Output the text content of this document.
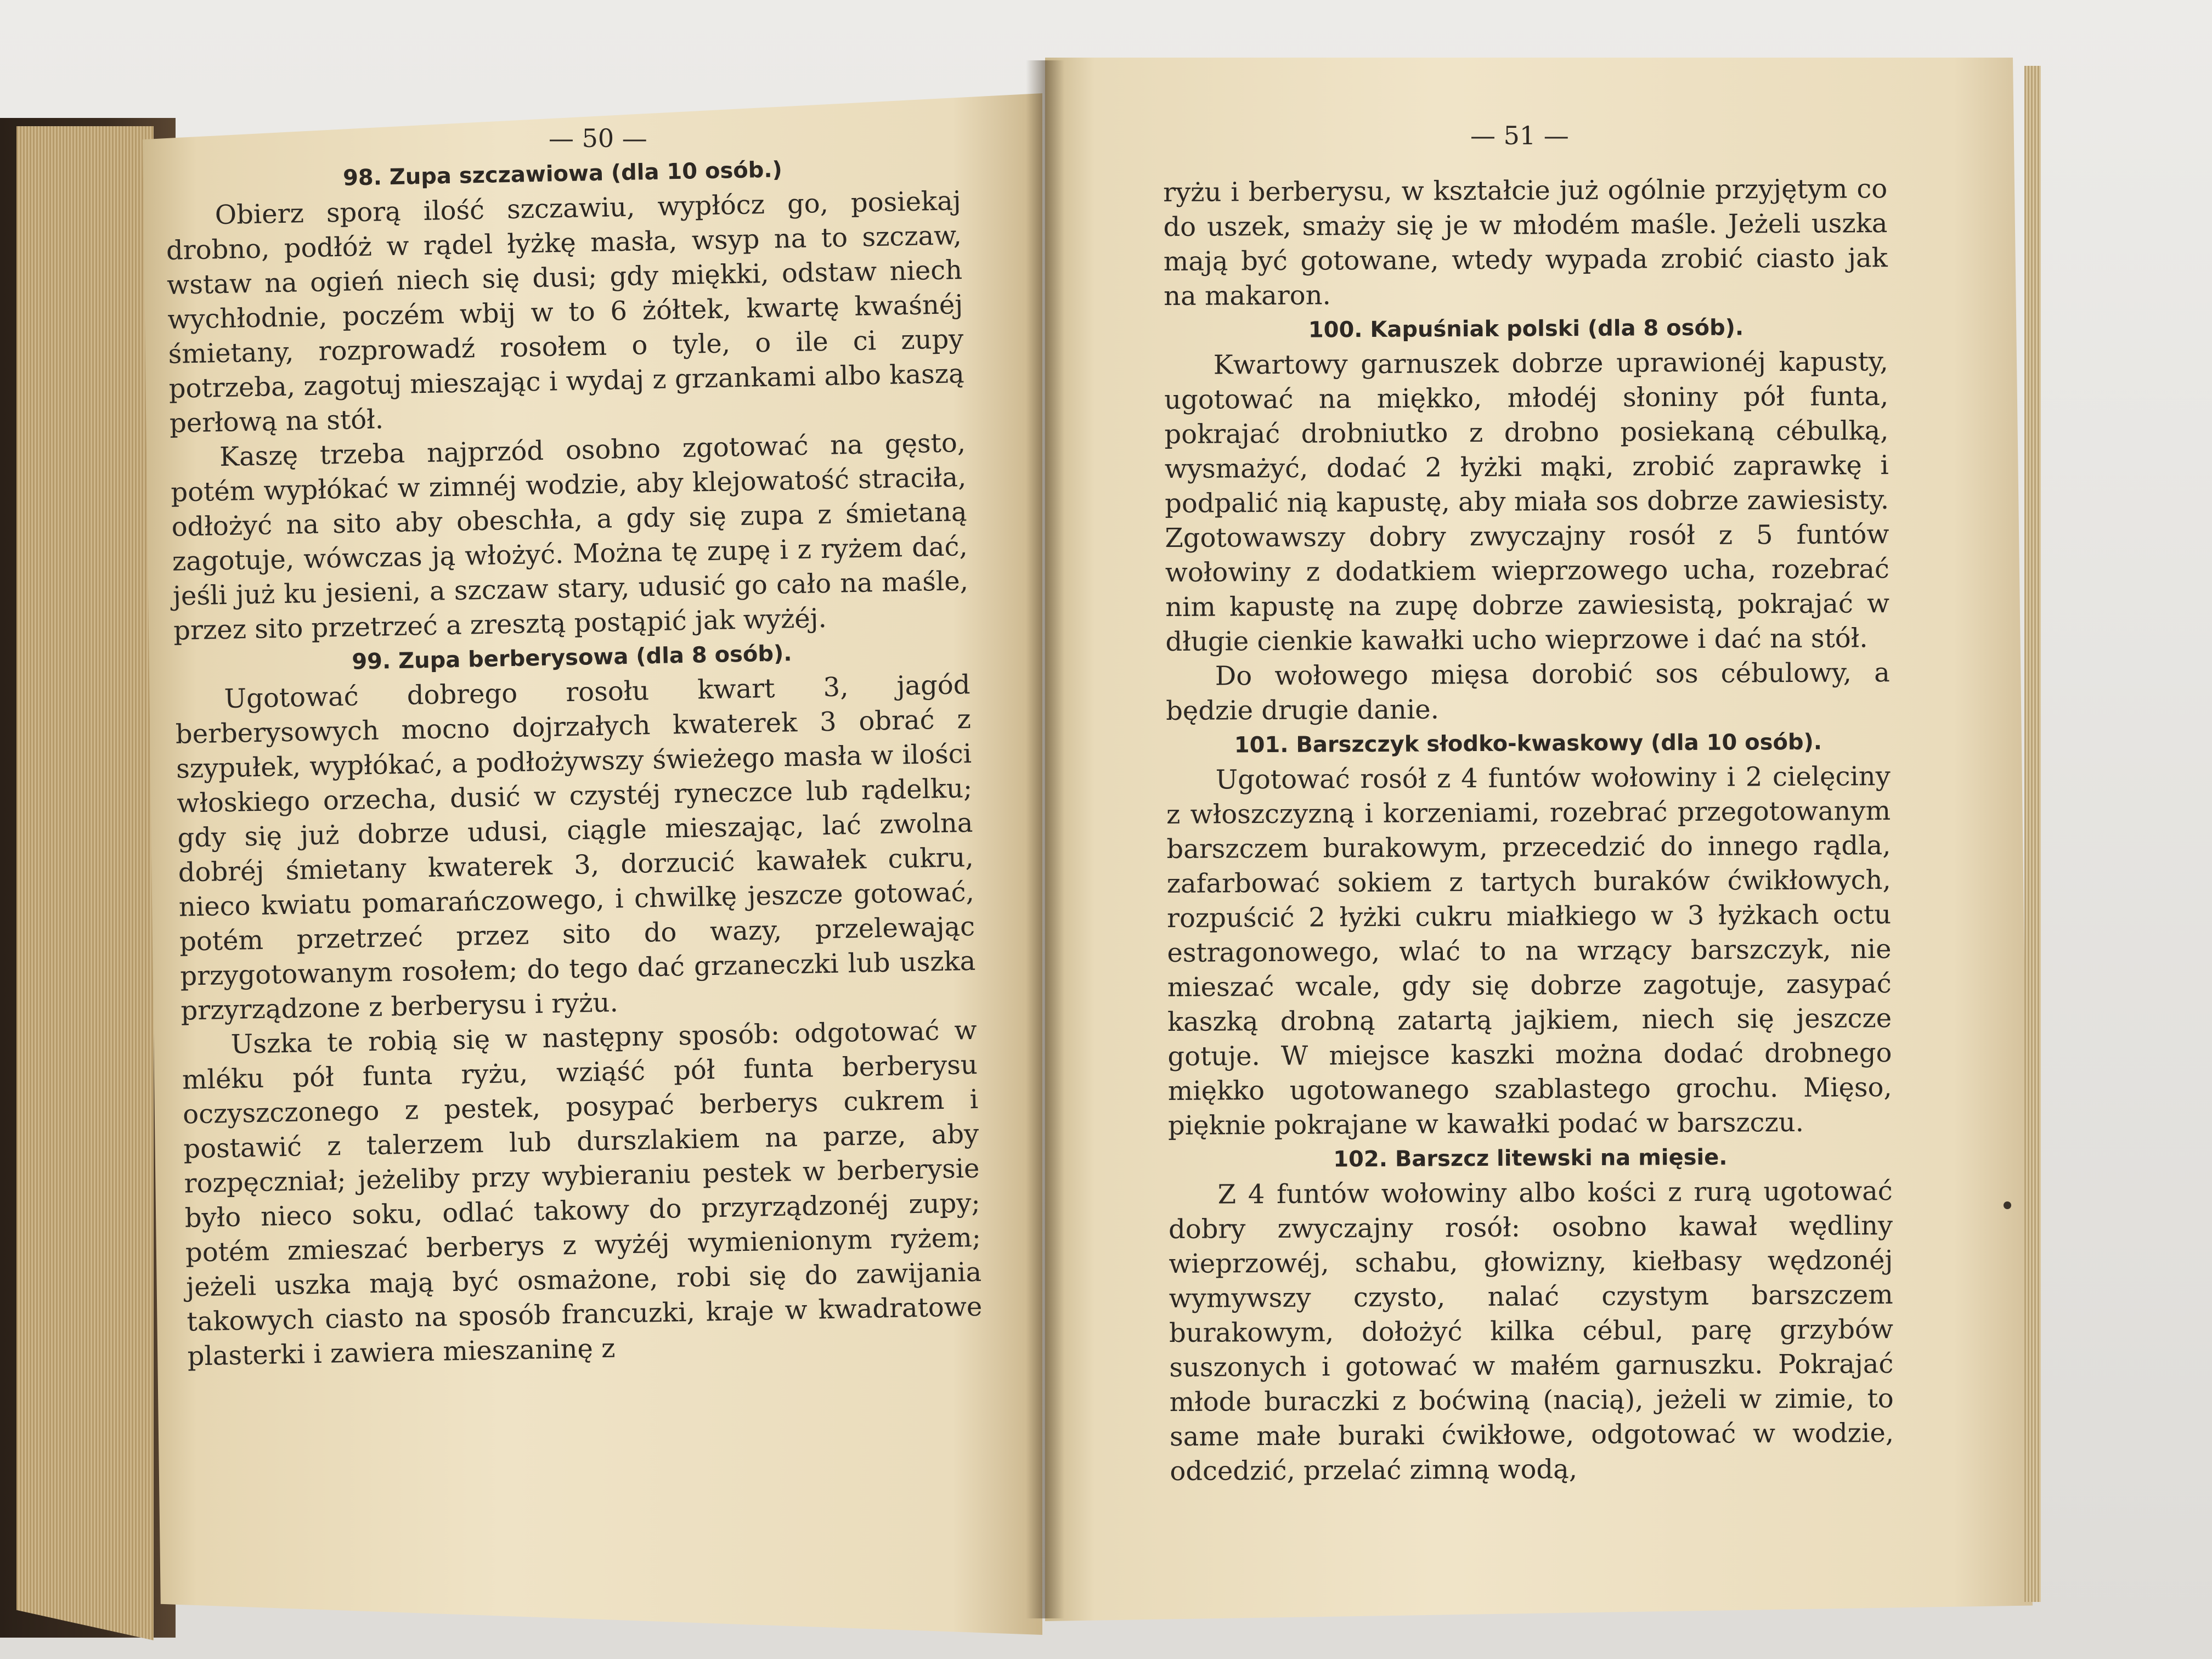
— 50 —	— 51 —
98. Zupa szczawiowa (dla 10 osób.)

Obierz sporą ilość szczawiu, wypłócz go, posiekaj drobno, podłóż w rądel łyżkę masła, wsyp na to szczaw, wstaw na ogień niech się dusi; gdy miękki, odstaw niech wychłodnie, poczém wbij w to 6 żółtek, kwartę kwaśnéj śmietany, rozprowadź rosołem o tyle, o ile ci zupy potrzeba, zagotuj mieszając i wydaj z grzankami albo kaszą perłową na stół.

Kaszę trzeba najprzód osobno zgotować na gęsto, potém wypłókać w zimnéj wodzie, aby klejowatość straciła, odłożyć na sito aby obeschła, a gdy się zupa z śmietaną zagotuje, wówczas ją włożyć. Można tę zupę i z ryżem dać, jeśli już ku jesieni, a szczaw stary, udusić go cało na maśle, przez sito przetrzeć a zresztą postąpić jak wyżéj.

99. Zupa berberysowa (dla 8 osób).

Ugotować dobrego rosołu kwart 3, jagód berberysowych mocno dojrzałych kwaterek 3 obrać z szypułek, wypłókać, a podłożywszy świeżego masła w ilości włoskiego orzecha, dusić w czystéj ryneczce lub rądelku; gdy się już dobrze udusi, ciągle mieszając, lać zwolna dobréj śmietany kwaterek 3, dorzucić kawałek cukru, nieco kwiatu pomarańczowego, i chwilkę jeszcze gotować, potém przetrzeć przez sito do wazy, przelewając przygotowanym rosołem; do tego dać grzaneczki lub uszka przyrządzone z berberysu i ryżu.

Uszka te robią się w następny sposób: odgotować w mléku pół funta ryżu, wziąść pół funta berberysu oczyszczonego z pestek, posypać berberys cukrem i postawić z talerzem lub durszlakiem na parze, aby rozpęczniał; jeżeliby przy wybieraniu pestek w berberysie było nieco soku, odlać takowy do przyrządzonéj zupy; potém zmieszać berberys z wyżéj wymienionym ryżem; jeżeli uszka mają być osmażone, robi się do zawijania takowych ciasto na sposób francuzki, kraje w kwadratowe plasterki i zawiera mieszaninę z

ryżu i berberysu, w kształcie już ogólnie przyjętym co do uszek, smaży się je w młodém maśle. Jeżeli uszka mają być gotowane, wtedy wypada zrobić ciasto jak na makaron.

100. Kapuśniak polski (dla 8 osób).

Kwartowy garnuszek dobrze uprawionéj kapusty, ugotować na miękko, młodéj słoniny pół funta, pokrajać drobniutko z drobno posiekaną cébulką, wysmażyć, dodać 2 łyżki mąki, zrobić zaprawkę i podpalić nią kapustę, aby miała sos dobrze zawiesisty. Zgotowawszy dobry zwyczajny rosół z 5 funtów wołowiny z dodatkiem wieprzowego ucha, rozebrać nim kapustę na zupę dobrze zawiesistą, pokrajać w długie cienkie kawałki ucho wieprzowe i dać na stół.

Do wołowego mięsa dorobić sos cébulowy, a będzie drugie danie.

101. Barszczyk słodko-kwaskowy (dla 10 osób).

Ugotować rosół z 4 funtów wołowiny i 2 cielęciny z włoszczyzną i korzeniami, rozebrać przegotowanym barszczem burakowym, przecedzić do innego rądla, zafarbować sokiem z tartych buraków ćwikłowych, rozpuścić 2 łyżki cukru miałkiego w 3 łyżkach octu estragonowego, wlać to na wrzący barszczyk, nie mieszać wcale, gdy się dobrze zagotuje, zasypać kaszką drobną zatartą jajkiem, niech się jeszcze gotuje. W miejsce kaszki można dodać drobnego miękko ugotowanego szablastego grochu. Mięso, pięknie pokrajane w kawałki podać w barszczu.

102. Barszcz litewski na mięsie.

Z 4 funtów wołowiny albo kości z rurą ugotować dobry zwyczajny rosół: osobno kawał wędliny wieprzowéj, schabu, głowizny, kiełbasy wędzonéj wymywszy czysto, nalać czystym barszczem burakowym, dołożyć kilka cébul, parę grzybów suszonych i gotować w małém garnuszku. Pokrajać młode buraczki z boćwiną (nacią), jeżeli w zimie, to same małe buraki ćwikłowe, odgotować w wodzie, odcedzić, przelać zimną wodą,
